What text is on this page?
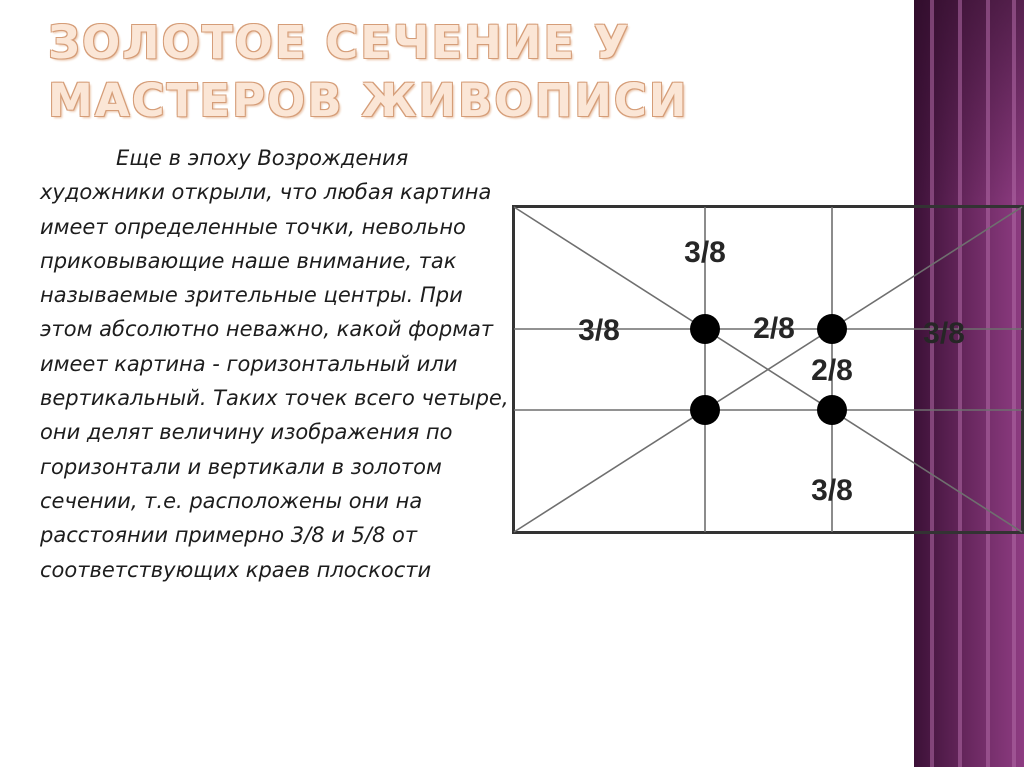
ЗОЛОТОЕ СЕЧЕНИЕ У МАСТЕРОВ ЖИВОПИСИ

Еще в эпоху Возрождения художники открыли, что любая картина имеет определенные точки, невольно приковывающие наше внимание, так называемые зрительные центры. При этом абсолютно неважно, какой формат имеет картина - горизонтальный или вертикальный. Таких точек всего четыре, они делят величину изображения по горизонтали и вертикали в золотом сечении, т.е. расположены они на расстоянии примерно 3/8 и 5/8 от соответствующих краев плоскости

3/8
3/8	2/8	3/8
2/8
3/8
